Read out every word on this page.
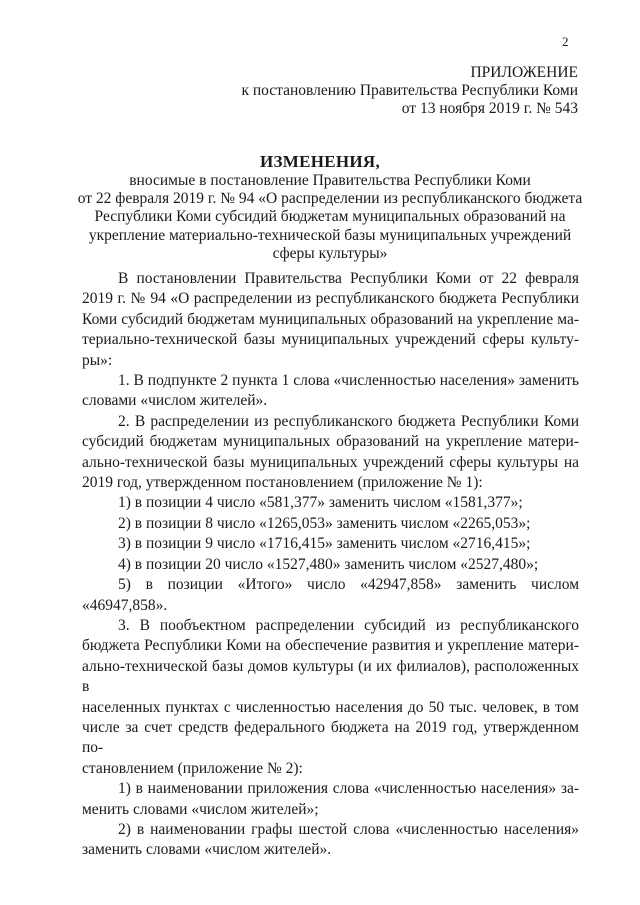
2
ПРИЛОЖЕНИЕ
к постановлению Правительства Республики Коми
от 13 ноября 2019 г. № 543
ИЗМЕНЕНИЯ,
вносимые в постановление Правительства Республики Коми
от 22 февраля 2019 г. № 94 «О распределении из республиканского бюджета
Республики Коми субсидий бюджетам муниципальных образований на
укрепление материально-технической базы муниципальных учреждений
сферы культуры»
В постановлении Правительства Республики Коми от 22 февраля
2019 г. № 94 «О распределении из республиканского бюджета Республики
Коми субсидий бюджетам муниципальных образований на укрепление ма-
териально-технической базы муниципальных учреждений сферы культу-
ры»:
1. В подпункте 2 пункта 1 слова «численностью населения» заменить
словами «числом жителей».
2. В распределении из республиканского бюджета Республики Коми
субсидий бюджетам муниципальных образований на укрепление матери-
ально-технической базы муниципальных учреждений сферы культуры на
2019 год, утвержденном постановлением (приложение № 1):
1) в позиции 4 число «581,377» заменить числом «1581,377»;
2) в позиции 8 число «1265,053» заменить числом «2265,053»;
3) в позиции 9 число «1716,415» заменить числом «2716,415»;
4) в позиции 20 число «1527,480» заменить числом «2527,480»;
5) в позиции «Итого» число «42947,858» заменить числом
«46947,858».
3. В пообъектном распределении субсидий из республиканского
бюджета Республики Коми на обеспечение развития и укрепление матери-
ально-технической базы домов культуры (и их филиалов), расположенных в
населенных пунктах с численностью населения до 50 тыс. человек, в том
числе за счет средств федерального бюджета на 2019 год, утвержденном по-
становлением (приложение № 2):
1) в наименовании приложения слова «численностью населения» за-
менить словами «числом жителей»;
2) в наименовании графы шестой слова «численностью населения»
заменить словами «числом жителей».
